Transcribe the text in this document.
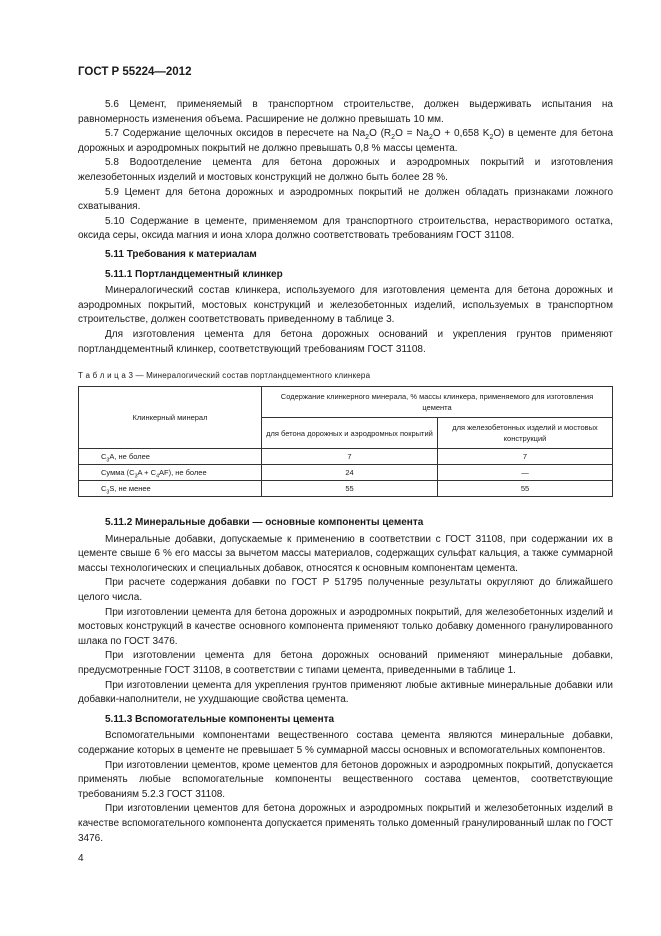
ГОСТ Р 55224—2012

5.6 Цемент, применяемый в транспортном строительстве, должен выдерживать испытания на равномерность изменения объема. Расширение не должно превышать 10 мм.

5.7 Содержание щелочных оксидов в пересчете на $Na_2O$ ($R_2O = Na_2O + 0,658$ $K_2O$) в цементе для бетона дорожных и аэродромных покрытий не должно превышать 0,8 % массы цемента.

5.8 Водоотделение цемента для бетона дорожных и аэродромных покрытий и изготовления железобетонных изделий и мостовых конструкций не должно быть более 28 %.

5.9 Цемент для бетона дорожных и аэродромных покрытий не должен обладать признаками ложного схватывания.

5.10 Содержание в цементе, применяемом для транспортного строительства, нерастворимого остатка, оксида серы, оксида магния и иона хлора должно соответствовать требованиям ГОСТ 31108.

5.11 Требования к материалам
5.11.1 Портландцементный клинкер

Минералогический состав клинкера, используемого для изготовления цемента для бетона дорожных и аэродромных покрытий, мостовых конструкций и железобетонных изделий, используемых в транспортном строительстве, должен соответствовать приведенному в таблице 3.

Для изготовления цемента для бетона дорожных оснований и укрепления грунтов применяют портландцементный клинкер, соответствующий требованиям ГОСТ 31108.

Т а б л и ц а 3 — Минералогический состав портландцементного клинкера
Клинкерный минерал	Содержание клинкерного минерала, % массы клинкера, применяемого для изготовления цемента	
	для бетона дорожных и аэродромных покрытий	для железобетонных изделий и мостовых конструкций
$C_3A$, не более	7	7
Сумма $(C_3A + C_4AF)$, не более	24	—
$C_3S$, не менее	55	55
5.11.2 Минеральные добавки — основные компоненты цемента

Минеральные добавки, допускаемые к применению в соответствии с ГОСТ 31108, при содержании их в цементе свыше 6 % его массы за вычетом массы материалов, содержащих сульфат кальция, а также суммарной массы технологических и специальных добавок, относятся к основным компонентам цемента.

При расчете содержания добавки по ГОСТ Р 51795 полученные результаты округляют до ближайшего целого числа.

При изготовлении цемента для бетона дорожных и аэродромных покрытий, для железобетонных изделий и мостовых конструкций в качестве основного компонента применяют только добавку доменного гранулированного шлака по ГОСТ 3476.

При изготовлении цемента для бетона дорожных оснований применяют минеральные добавки, предусмотренные ГОСТ 31108, в соответствии с типами цемента, приведенными в таблице 1.

При изготовлении цемента для укрепления грунтов применяют любые активные минеральные добавки или добавки-наполнители, не ухудшающие свойства цемента.

5.11.3 Вспомогательные компоненты цемента

Вспомогательными компонентами вещественного состава цемента являются минеральные добавки, содержание которых в цементе не превышает 5 % суммарной массы основных и вспомогательных компонентов.

При изготовлении цементов, кроме цементов для бетонов дорожных и аэродромных покрытий, допускается применять любые вспомогательные компоненты вещественного состава цементов, соответствующие требованиям 5.2.3 ГОСТ 31108.

При изготовлении цементов для бетона дорожных и аэродромных покрытий и железобетонных изделий в качестве вспомогательного компонента допускается применять только доменный гранулированный шлак по ГОСТ 3476.

4
